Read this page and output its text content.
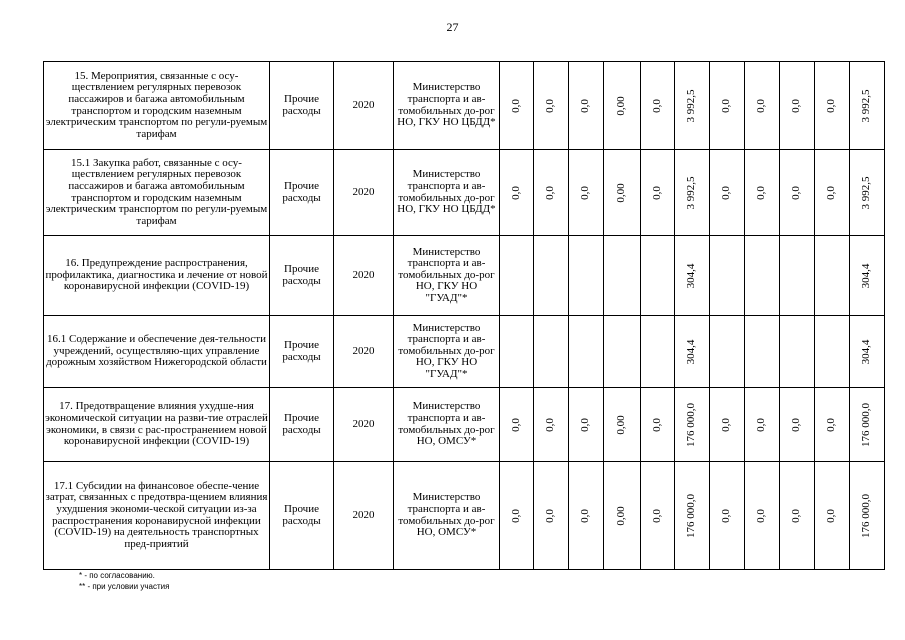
27
15. Мероприятия, связанные с осу-ществлением регулярных перевозок пассажиров и багажа автомобильным транспортом и городским наземным электрическим транспортом по регули-руемым тарифам	Прочие расходы	2020	Министерство транспорта и ав-томобильных до-рог НО, ГКУ НО ЦБДД*	0,0	0,0	0,0	0,00	0,0	3 992,5	0,0	0,0	0,0	0,0	3 992,5

15.1 Закупка работ, связанные с осу-ществлением регулярных перевозок пассажиров и багажа автомобильным транспортом и городским наземным электрическим транспортом по регули-руемым тарифам	Прочие расходы	2020	Министерство транспорта и ав-томобильных до-рог НО, ГКУ НО ЦБДД*	0,0	0,0	0,0	0,00	0,0	3 992,5	0,0	0,0	0,0	0,0	3 992,5

16. Предупреждение распространения, профилактика, диагностика и лечение от новой коронавирусной инфекции (COVID-19)	Прочие расходы	2020	Министерство транспорта и ав-томобильных до-рог НО, ГКУ НО "ГУАД"*						304,4					304,4

16.1 Содержание и обеспечение дея-тельности учреждений, осуществляю-щих управление дорожным хозяйством Нижегородской области	Прочие расходы	2020	Министерство транспорта и ав-томобильных до-рог НО, ГКУ НО "ГУАД"*						304,4					304,4

17. Предотвращение влияния ухудше-ния экономической ситуации на разви-тие отраслей экономики, в связи с рас-пространением новой коронавирусной инфекции (COVID-19)	Прочие расходы	2020	Министерство транспорта и ав-томобильных до-рог НО, ОМСУ*	0,0	0,0	0,0	0,00	0,0	176 000,0	0,0	0,0	0,0	0,0	176 000,0

17.1 Субсидии на финансовое обеспе-чение затрат, связанных с предотвра-щением влияния ухудшения экономи-ческой ситуации из-за распространения коронавирусной инфекции (COVID-19) на деятельность транспортных пред-приятий	Прочие расходы	2020	Министерство транспорта и ав-томобильных до-рог НО, ОМСУ*	0,0	0,0	0,0	0,00	0,0	176 000,0	0,0	0,0	0,0	0,0	176 000,0
* - по согласованию.
** - при условии участия
